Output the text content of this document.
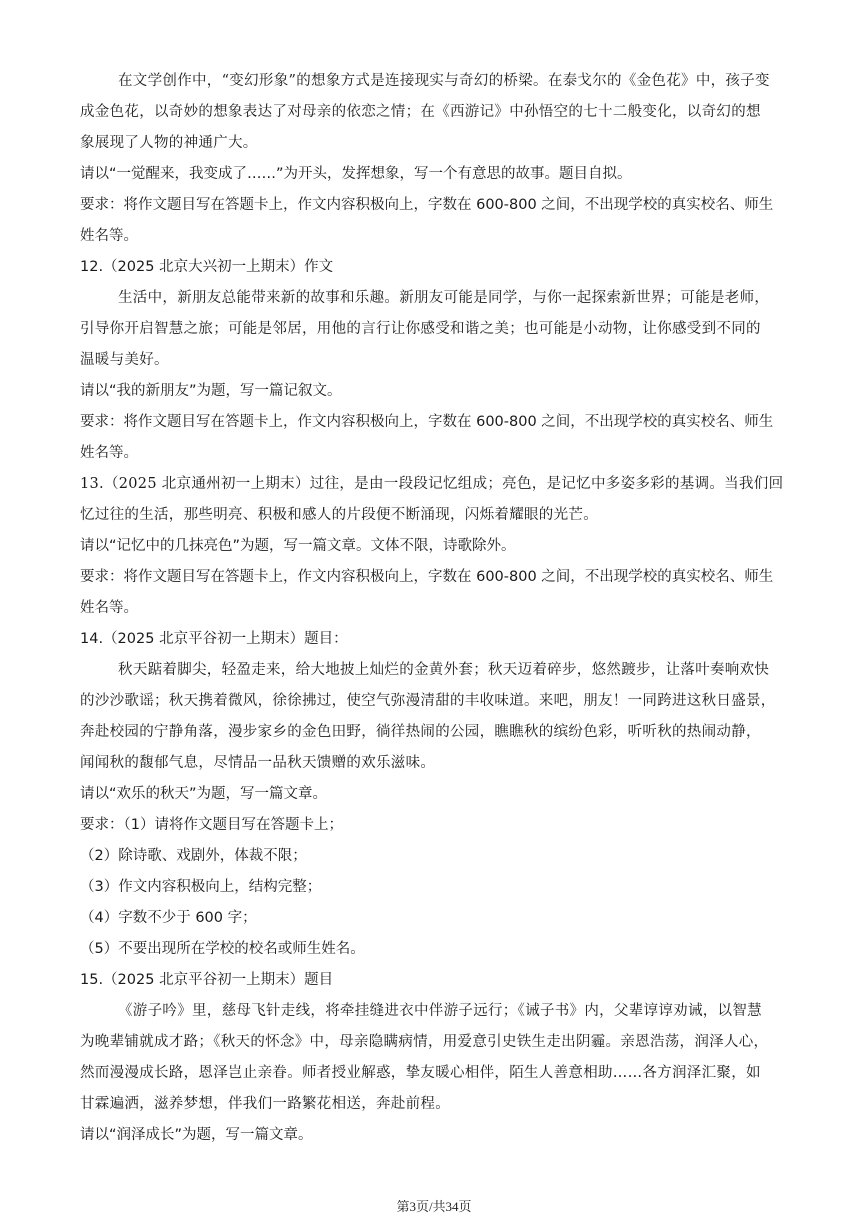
在文学创作中，“变幻形象”的想象方式是连接现实与奇幻的桥梁。在泰戈尔的《金色花》中，孩子变
成金色花，以奇妙的想象表达了对母亲的依恋之情；在《西游记》中孙悟空的七十二般变化，以奇幻的想
象展现了人物的神通广大。
请以“一觉醒来，我变成了……”为开头，发挥想象，写一个有意思的故事。题目自拟。
要求：将作文题目写在答题卡上，作文内容积极向上，字数在 600-800 之间，不出现学校的真实校名、师生
姓名等。
12.（2025 北京大兴初一上期末）作文
生活中，新朋友总能带来新的故事和乐趣。新朋友可能是同学，与你一起探索新世界；可能是老师，
引导你开启智慧之旅；可能是邻居，用他的言行让你感受和谐之美；也可能是小动物，让你感受到不同的
温暖与美好。
请以“我的新朋友”为题，写一篇记叙文。
要求：将作文题目写在答题卡上，作文内容积极向上，字数在 600-800 之间，不出现学校的真实校名、师生
姓名等。
13.（2025 北京通州初一上期末）过往，是由一段段记忆组成；亮色，是记忆中多姿多彩的基调。当我们回
忆过往的生活，那些明亮、积极和感人的片段便不断涌现，闪烁着耀眼的光芒。
请以“记忆中的几抹亮色”为题，写一篇文章。文体不限，诗歌除外。
要求：将作文题目写在答题卡上，作文内容积极向上，字数在 600-800 之间，不出现学校的真实校名、师生
姓名等。
14.（2025 北京平谷初一上期末）题目：
秋天踮着脚尖，轻盈走来，给大地披上灿烂的金黄外套；秋天迈着碎步，悠然踱步，让落叶奏响欢快
的沙沙歌谣；秋天携着微风，徐徐拂过，使空气弥漫清甜的丰收味道。来吧，朋友！一同跨进这秋日盛景，
奔赴校园的宁静角落，漫步家乡的金色田野，徜徉热闹的公园，瞧瞧秋的缤纷色彩，听听秋的热闹动静，
闻闻秋的馥郁气息，尽情品一品秋天馈赠的欢乐滋味。
请以“欢乐的秋天”为题，写一篇文章。
要求：（1）请将作文题目写在答题卡上；
（2）除诗歌、戏剧外，体裁不限；
（3）作文内容积极向上，结构完整；
（4）字数不少于 600 字；
（5）不要出现所在学校的校名或师生姓名。
15.（2025 北京平谷初一上期末）题目
《游子吟》里，慈母飞针走线，将牵挂缝进衣中伴游子远行；《诫子书》内，父辈谆谆劝诫，以智慧
为晚辈铺就成才路；《秋天的怀念》中，母亲隐瞒病情，用爱意引史铁生走出阴霾。亲恩浩荡，润泽人心，
然而漫漫成长路，恩泽岂止亲眷。师者授业解惑，挚友暖心相伴，陌生人善意相助……各方润泽汇聚，如
甘霖遍洒，滋养梦想，伴我们一路繁花相送，奔赴前程。
请以“润泽成长”为题，写一篇文章。
第3页/共34页
